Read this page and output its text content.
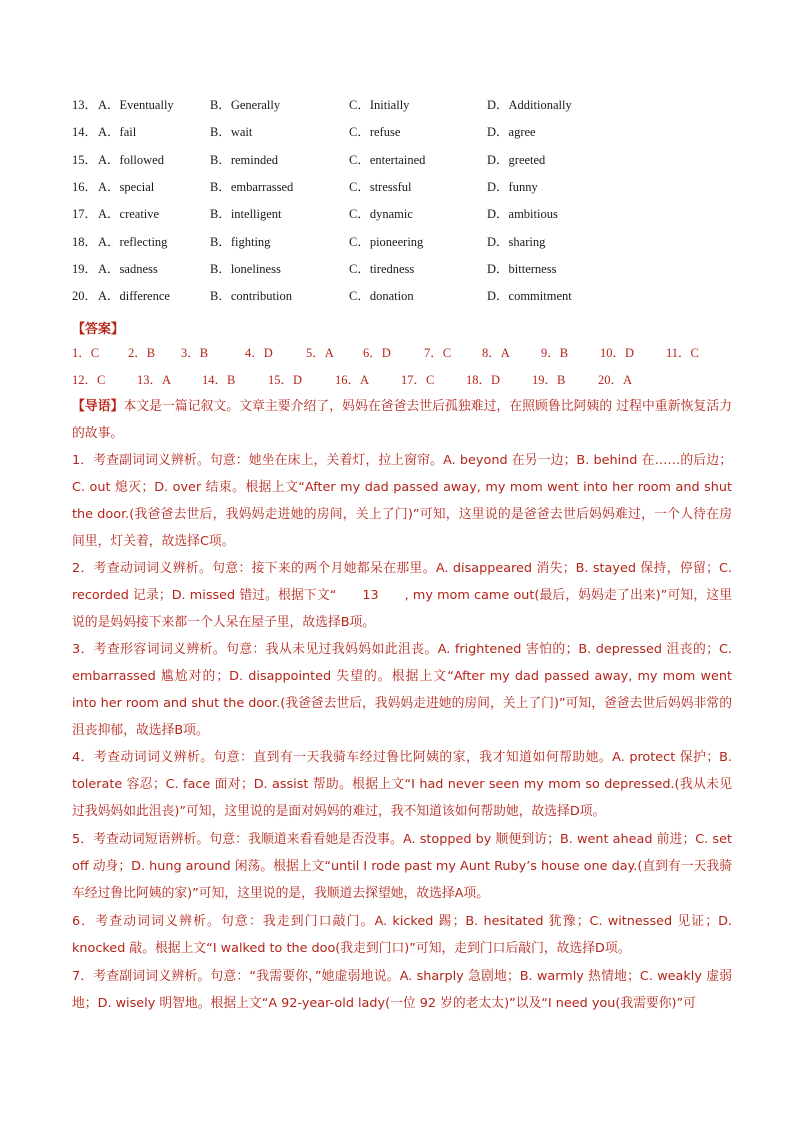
13． A．Eventually	B．Generally	C．Initially	D．Additionally
14． A．fail	B．wait	C．refuse	D．agree
15． A．followed	B．reminded	C．entertained	D．greeted
16． A．special	B．embarrassed	C．stressful	D．funny
17． A．creative	B．intelligent	C．dynamic	D．ambitious
18． A．reflecting	B．fighting	C．pioneering	D．sharing
19． A．sadness	B．loneliness	C．tiredness	D．bitterness
20． A．difference	B．contribution	C．donation	D．commitment
【答案】
1．C 2．B 3．B	4．D	5．A 6．D	7．C 8．A 9．B	10．D	11．C
12．C	13．A 14．B	15．D	16．A	17．C	18．D	19．B	20．A
【导语】本文是一篇记叙文。文章主要介绍了，妈妈在爸爸去世后孤独难过，在照顾鲁比阿姨的 过程中重新恢复活力的故事。
1．考查副词词义辨析。句意：她坐在床上，关着灯，拉上窗帘。A. beyond 在另一边；B. behind 在……的后边；C. out 熄灭；D. over 结束。根据上文“After my dad passed away, my mom went into her room and shut the door.(我爸爸去世后，我妈妈走进她的房间，关上了门)”可知，这里说的是爸爸去世后妈妈难过，一个人待在房间里，灯关着，故选择C项。
2．考查动词词义辨析。句意：接下来的两个月她都呆在那里。A. disappeared 消失；B. stayed 保持，停留；C. recorded 记录；D. missed 错过。根据下文“　　13　　, my mom came out(最后，妈妈走了出来)”可知，这里说的是妈妈接下来都一个人呆在屋子里，故选择B项。
3．考查形容词词义辨析。句意：我从未见过我妈妈如此沮丧。A. frightened 害怕的；B. depressed 沮丧的；C. embarrassed 尴尬对的；D. disappointed 失望的。根据上文“After my dad passed away, my mom went into her room and shut the door.(我爸爸去世后，我妈妈走进她的房间，关上了门)”可知，爸爸去世后妈妈非常的沮丧抑郁，故选择B项。
4．考查动词词义辨析。句意：直到有一天我骑车经过鲁比阿姨的家，我才知道如何帮助她。A. protect 保护；B. tolerate 容忍；C. face 面对；D. assist 帮助。根据上文“I had never seen my mom so depressed.(我从未见过我妈妈如此沮丧)”可知，这里说的是面对妈妈的难过，我不知道该如何帮助她，故选择D项。
5．考查动词短语辨析。句意：我顺道来看看她是否没事。A. stopped by 顺便到访；B. went ahead 前进；C. set off 动身；D. hung around 闲荡。根据上文“until I rode past my Aunt Ruby’s house one day.(直到有一天我骑车经过鲁比阿姨的家)”可知，这里说的是，我顺道去探望她，故选择A项。
6．考查动词词义辨析。句意：我走到门口敲门。A. kicked 踢；B. hesitated 犹豫；C. witnessed 见证；D. knocked 敲。根据上文“I walked to the doo(我走到门口)”可知，走到门口后敲门，故选择D项。
7．考查副词词义辨析。句意：“我需要你，”她虚弱地说。A. sharply 急剧地；B. warmly 热情地；C. weakly 虚弱地；D. wisely 明智地。根据上文“A 92-year-old lady(一位 92 岁的老太太)”以及“I need you(我需要你)”可
